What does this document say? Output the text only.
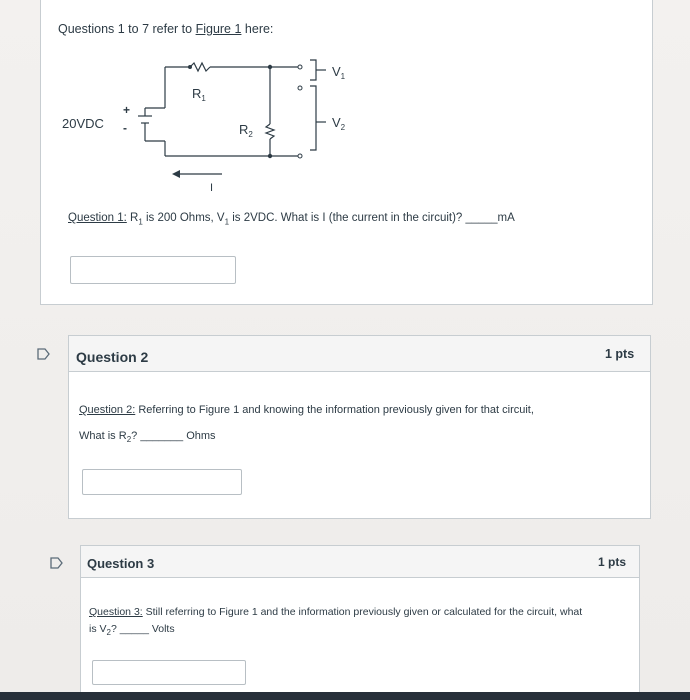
Questions 1 to 7 refer to Figure 1 here:
20VDC
+
-
$R_1$
$R_2$
$V_1$
$V_2$
I
Question 1: $R_1$ is 200 Ohms, $V_1$ is 2VDC. What is I (the current in the circuit)? _____mA
Question 2	1 pts
Question 2: Referring to Figure 1 and knowing the information previously given for that circuit,
What is $R_2$? _______ Ohms
Question 3	1 pts
Question 3: Still referring to Figure 1 and the information previously given or calculated for the circuit, what
is $V_2$? _____ Volts
